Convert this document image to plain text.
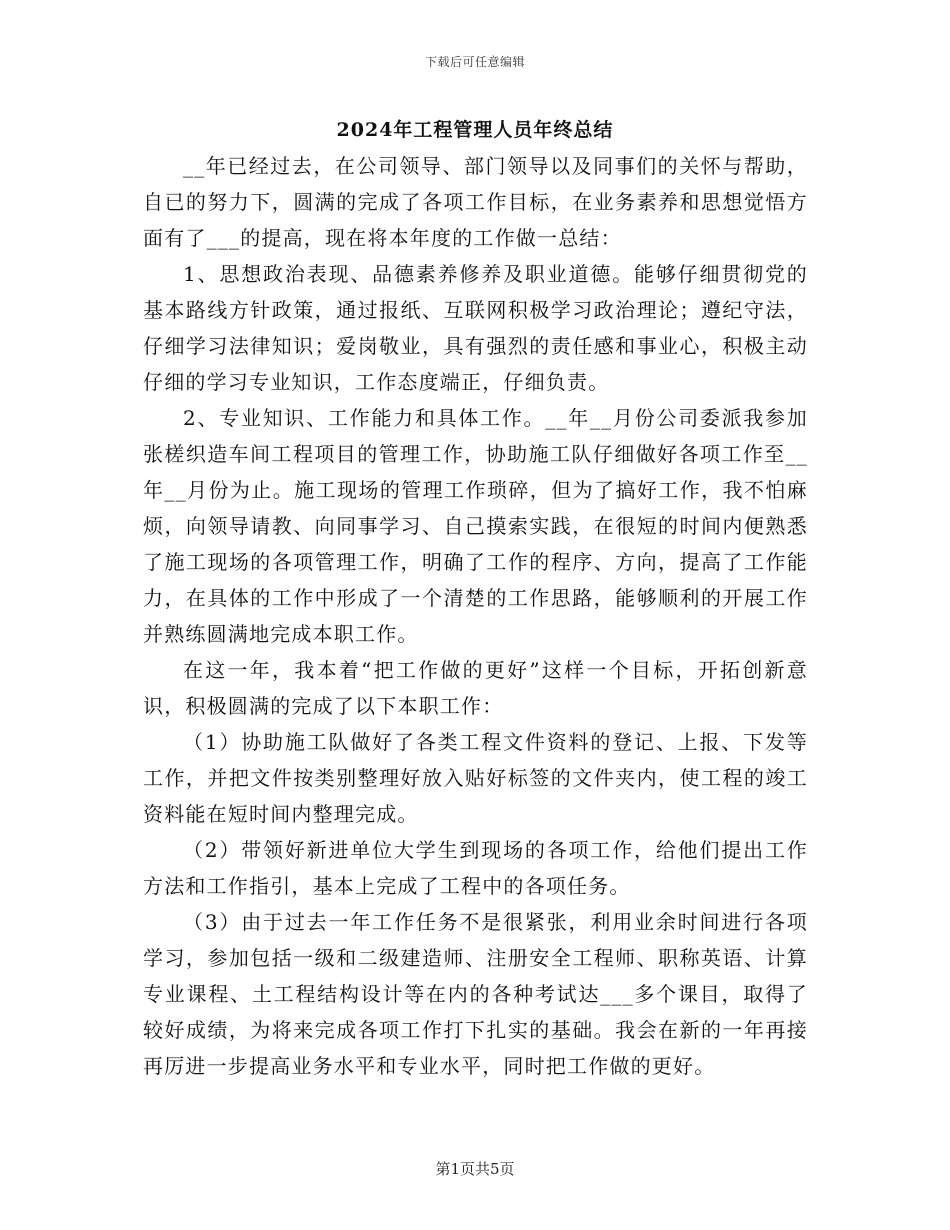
下载后可任意编辑
2024年工程管理人员年终总结

__年已经过去，在公司领导、部门领导以及同事们的关怀与帮助，自已的努力下，圆满的完成了各项工作目标，在业务素养和思想觉悟方面有了___的提高，现在将本年度的工作做一总结：

1、思想政治表现、品德素养修养及职业道德。能够仔细贯彻党的基本路线方针政策，通过报纸、互联网积极学习政治理论；遵纪守法，仔细学习法律知识；爱岗敬业，具有强烈的责任感和事业心，积极主动仔细的学习专业知识，工作态度端正，仔细负责。

2、专业知识、工作能力和具体工作。__年__月份公司委派我参加张槎织造车间工程项目的管理工作，协助施工队仔细做好各项工作至__年__月份为止。施工现场的管理工作琐碎，但为了搞好工作，我不怕麻烦，向领导请教、向同事学习、自己摸索实践，在很短的时间内便熟悉了施工现场的各项管理工作，明确了工作的程序、方向，提高了工作能力，在具体的工作中形成了一个清楚的工作思路，能够顺利的开展工作并熟练圆满地完成本职工作。

在这一年，我本着“把工作做的更好”这样一个目标，开拓创新意识，积极圆满的完成了以下本职工作：

（1）协助施工队做好了各类工程文件资料的登记、上报、下发等工作，并把文件按类别整理好放入贴好标签的文件夹内，使工程的竣工资料能在短时间内整理完成。

（2）带领好新进单位大学生到现场的各项工作，给他们提出工作方法和工作指引，基本上完成了工程中的各项任务。

（3）由于过去一年工作任务不是很紧张，利用业余时间进行各项学习，参加包括一级和二级建造师、注册安全工程师、职称英语、计算专业课程、土工程结构设计等在内的各种考试达___多个课目，取得了较好成绩，为将来完成各项工作打下扎实的基础。我会在新的一年再接再厉进一步提高业务水平和专业水平，同时把工作做的更好。

第1页共5页
